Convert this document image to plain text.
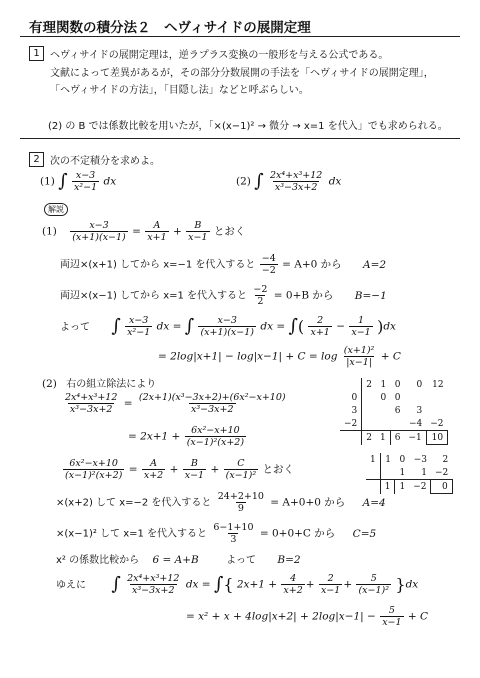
有理関数の積分法２　ヘヴィサイドの展開定理
1	ヘヴィサイドの展開定理は，逆ラプラス変換の一般形を与える公式である。
文献によって差異があるが，その部分分数展開の手法を「ヘヴィサイドの展開定理」，
「ヘヴィサイドの方法」，「目隠し法」などと呼ぶらしい。
(2) の B では係数比較を用いたが，「×(x−1)² → 微分 → x=1 を代入」でも求められる。
2	次の不定積分を求めよ。
(1) ∫ $\frac{x-3}{\text{x²−1}}$ dx	(2) ∫ $\frac{\text{2x⁴+x³+12}}{\text{x³−3x+2}}$ dx
解説
$(1) \frac{x-3}{(x+1)(x-1)} = \frac{A}{x+1} + \frac{B}{x-1}$ とおく
両辺×(x+1) してから x=−1 を代入すると $\frac{-4}{-2} = A+0$ から A=2
両辺×(x−1) してから x=1 を代入すると $\frac{-2}{2} = 0+B$ から B=−1
よって ∫ $\frac{x-3}{\text{x²−1}}$ dx = ∫ $\frac{x-3}{(x+1)(x-1)}$ dx = ∫( $\frac{2}{x+1} - \frac{1}{x-1} )dx$
= $2\log|x+1| - \log|x-1| + C = \log \frac{\text{(x+1)²}}{|x-1|} + C$
(2) 右の組立除法により
$\frac{\text{2x⁴+x³+12}}{\text{x³−3x+2}} = \frac{\text{(2x+1)(x³−3x+2)+(6x²−x+10)}}{\text{x³−3x+2}}$
= $2x+1 + \frac{\text{6x²−x+10}}{\text{(x−1)²(x+2)}}$
$\frac{\text{6x²−x+10}}{\text{(x−1)²(x+2)}} = \frac{A}{x+2} + \frac{B}{x-1} + \frac{C}{\text{(x−1)²}}$ とおく
×(x+2) して x=−2 を代入すると $\frac{24+2+10}{9} = A+0+0$ から A=4
×(x−1)² して x=1 を代入すると $\frac{6-1+10}{3} = 0+0+C$ から C=5
x² の係数比較から 6 = A+B	よって B=2
ゆえに ∫ $\frac{\text{2x⁴+x³+12}}{\text{x³−3x+2}}$ dx = ∫{ $2x+1 + \frac{4}{x+2} + \frac{2}{x-1} + \frac{5}{\text{(x−1)²}} \}dx$
= $x^2 + x + 4\log|x+2| + 2\log|x-1| - \frac{5}{x-1} + C$
	2	1	0	0	12
0		0	0		
3			6	3	
−2				−4	−2
	2	1	6	−1	10
1	1	0	−3	2
		1	1	−2
	1	1	−2	0
